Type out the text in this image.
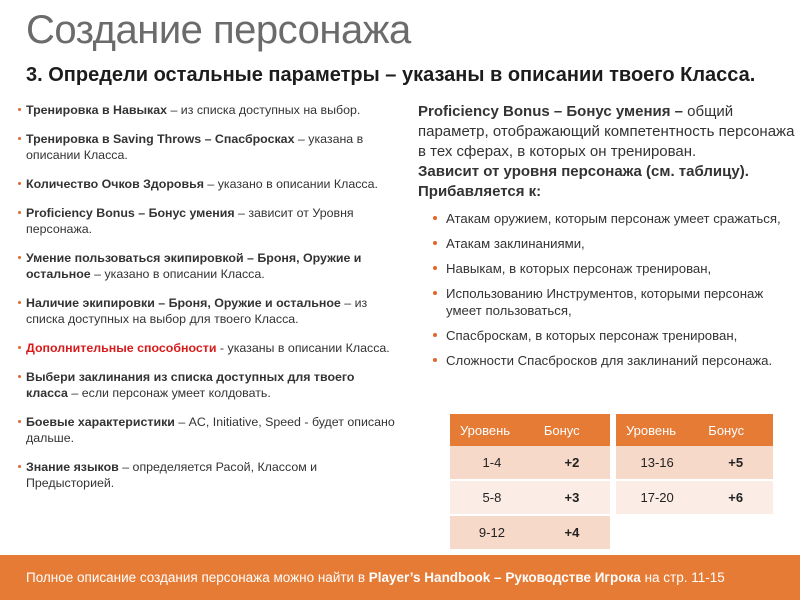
Создание персонажа
3. Определи остальные параметры – указаны в описании твоего Класса.
Тренировка в Навыках – из списка доступных на выбор.
Тренировка в Saving Throws – Спасбросках – указана в описании Класса.
Количество Очков Здоровья – указано в описании Класса.
Proficiency Bonus – Бонус умения – зависит от Уровня персонажа.
Умение пользоваться экипировкой – Броня, Оружие и остальное – указано в описании Класса.
Наличие экипировки – Броня, Оружие и остальное – из списка доступных на выбор для твоего Класса.
Дополнительные способности - указаны в описании Класса.
Выбери заклинания из списка доступных для твоего класса – если персонаж умеет колдовать.
Боевые характеристики – AC, Initiative, Speed - будет описано дальше.
Знание языков – определяется Расой, Классом и Предысторией.
Proficiency Bonus – Бонус умения – общий параметр, отображающий компетентность персонажа в тех сферах, в которых он тренирован.
Зависит от уровня персонажа (см. таблицу).
Прибавляется к:
Атакам оружием, которым персонаж умеет сражаться,
Атакам заклинаниями,
Навыкам, в которых персонаж тренирован,
Использованию Инструментов, которыми персонаж умеет пользоваться,
Спасброскам, в которых персонаж тренирован,
Сложности Спасбросков для заклинаний персонажа.
Уровень	Бонус
1-4	+2
5-8	+3
9-12	+4
Уровень	Бонус
13-16	+5
17-20	+6
Полное описание создания персонажа можно найти в Player’s Handbook – Руководстве Игрока на стр. 11-15
